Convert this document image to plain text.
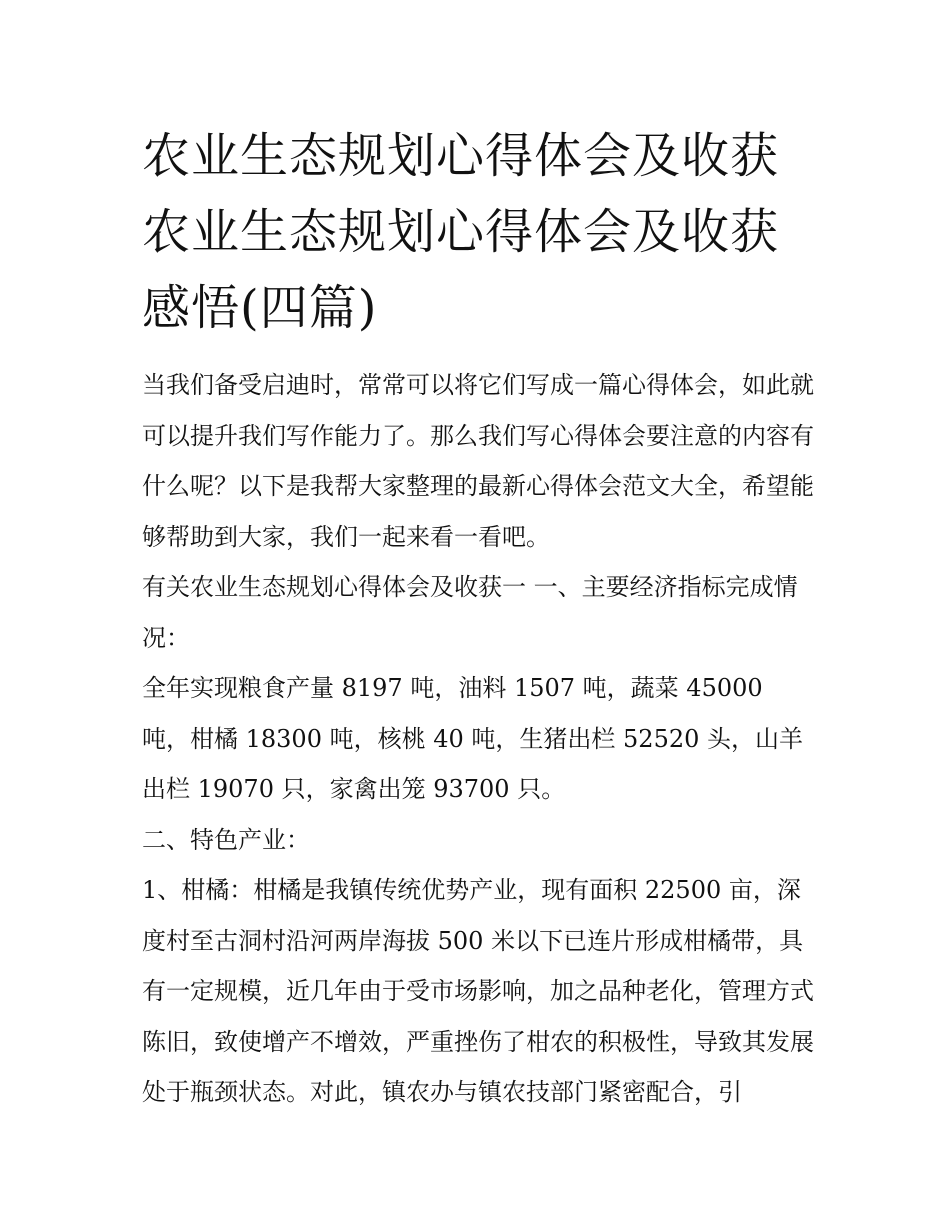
农业生态规划心得体会及收获农业生态规划心得体会及收获感悟(四篇)

当我们备受启迪时，常常可以将它们写成一篇心得体会，如此就可以提升我们写作能力了。那么我们写心得体会要注意的内容有什么呢？以下是我帮大家整理的最新心得体会范文大全，希望能够帮助到大家，我们一起来看一看吧。

有关农业生态规划心得体会及收获一 一、主要经济指标完成情况：

全年实现粮食产量 8197 吨，油料 1507 吨，蔬菜 45000 吨，柑橘 18300 吨，核桃 40 吨，生猪出栏 52520 头，山羊出栏 19070 只，家禽出笼 93700 只。

二、特色产业：

1、柑橘：柑橘是我镇传统优势产业，现有面积 22500 亩，深度村至古洞村沿河两岸海拔 500 米以下已连片形成柑橘带，具有一定规模，近几年由于受市场影响，加之品种老化，管理方式陈旧，致使增产不增效，严重挫伤了柑农的积极性，导致其发展处于瓶颈状态。对此，镇农办与镇农技部门紧密配合，引
